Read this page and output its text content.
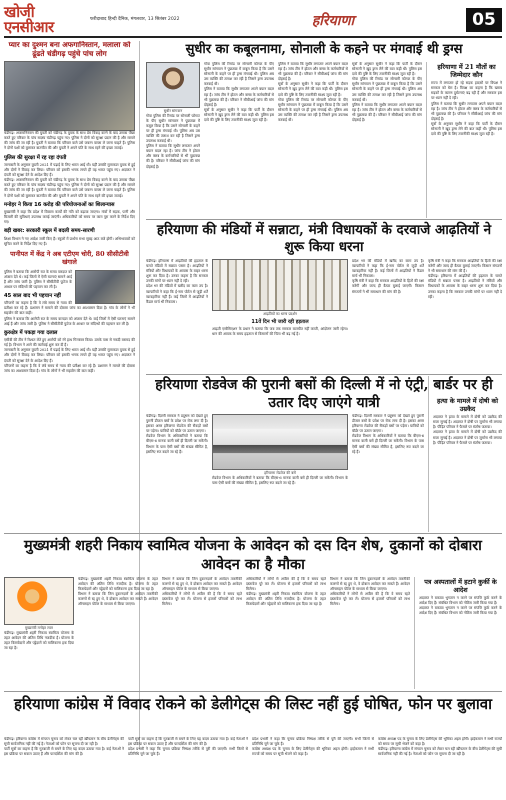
खोजी एनसीआर	फरीदाबाद हिन्दी दैनिक, मंगलवार, 13 सितंबर 2022	हरियाणा	05
प्यार का दुश्मन बना अफगानिस्तान, मलाला को ढूंढते चंडीगढ़ पहुंचे पांच लोग

चंडीगढ़। अफगानिस्तान की युवती को चंडीगढ़ के युवक के साथ प्रेम विवाह करने के बाद उसका पीछा करते हुए परिवार के पांच सदस्य चंडीगढ़ पहुंच गए। पुलिस ने दोनों को सुरक्षा प्रदान की है और मामले की जांच की जा रही है। युवती ने बताया कि परिवार वाले उसे जबरन वापस ले जाना चाहते हैं। पुलिस ने दोनों पक्षों को बुलाकर बातचीत की और युवती ने अपने पति के साथ रहने की इच्छा जताई।

पुलिस की सुरक्षा में रह रहा दंपती

जानकारी के अनुसार युवती 2021 में पढ़ाई के लिए भारत आई थी। यहीं उसकी मुलाकात युवक से हुई और दोनों ने विवाह कर लिया। परिवार को इसकी भनक लगते ही वह भारत पहुंच गए। अदालत ने दंपती को सुरक्षा देने के आदेश दिए हैं।

चंडीगढ़। अफगानिस्तान की युवती को चंडीगढ़ के युवक के साथ प्रेम विवाह करने के बाद उसका पीछा करते हुए परिवार के पांच सदस्य चंडीगढ़ पहुंच गए। पुलिस ने दोनों को सुरक्षा प्रदान की है और मामले की जांच की जा रही है। युवती ने बताया कि परिवार वाले उसे जबरन वापस ले जाना चाहते हैं। पुलिस ने दोनों पक्षों को बुलाकर बातचीत की और युवती ने अपने पति के साथ रहने की इच्छा जताई।

मनोहर ने किया 16 करोड़ की परियोजनाओं का शिलान्यास

मुख्यमंत्री ने कहा कि प्रदेश में विकास कार्यों की गति को बढ़ाया जाएगा। गांवों में सड़क, पानी और बिजली की सुविधाएं उपलब्ध कराई जाएंगी। अधिकारियों को समय पर काम पूरा करने के निर्देश दिए गए।

बड़ी खबर: सरकारी स्कूल में बदली समय-सारणी

शिक्षा विभाग ने नए आदेश जारी किए हैं। स्कूलों में प्रार्थना सभा सुबह आठ बजे होगी। अभिभावकों को सूचित करने के निर्देश दिए गए हैं।

पानीपत में केंद्र ने अब एटीएम चोरी, 80 सीसीटीवी खंगाले

पुलिस ने बताया कि आरोपी रात के समय वारदात को अंजाम देते थे। कई जिलों में ऐसी घटनाएं सामने आई हैं और जांच जारी है। पुलिस ने सीसीटीवी फुटेज के आधार पर संदिग्धों की पहचान कर ली है।

45 साल बाद भी पहचान नहीं

परिजनों का कहना है कि वे लंबे समय से न्याय की प्रतीक्षा कर रहे हैं। प्रशासन ने मामले की दोबारा जांच का आश्वासन दिया है। गांव के लोगों ने भी सहयोग की बात कही।

पुलिस ने बताया कि आरोपी रात के समय वारदात को अंजाम देते थे। कई जिलों में ऐसी घटनाएं सामने आई हैं और जांच जारी है। पुलिस ने सीसीटीवी फुटेज के आधार पर संदिग्धों की पहचान कर ली है।

कुरुक्षेत्र में पकड़ा गया दलाल

एसीबी की टीम ने रिश्वत लेते हुए आरोपी को रंगे हाथ गिरफ्तार किया। उसके पास से नकदी बरामद की गई है। विभाग ने आगे की कार्रवाई शुरू कर दी है।

जानकारी के अनुसार युवती 2021 में पढ़ाई के लिए भारत आई थी। यहीं उसकी मुलाकात युवक से हुई और दोनों ने विवाह कर लिया। परिवार को इसकी भनक लगते ही वह भारत पहुंच गए। अदालत ने दंपती को सुरक्षा देने के आदेश दिए हैं।

परिजनों का कहना है कि वे लंबे समय से न्याय की प्रतीक्षा कर रहे हैं। प्रशासन ने मामले की दोबारा जांच का आश्वासन दिया है। गांव के लोगों ने भी सहयोग की बात कही।

सुधीर का कबूलनामा, सोनाली के कहने पर मंगवाई थी ड्रग्स
सुधीर सांगवान

गोवा पुलिस की रिमांड पर सोनाली फोगाट के पीए सुधीर सांगवान ने पूछताछ में कबूल किया है कि उसने सोनाली के कहने पर ही ड्रग्स मंगवाई थी। पुलिस अब उस व्यक्ति की तलाश कर रही है जिसने ड्रग्स उपलब्ध करवाई थी।

पुलिस ने बताया कि सुधीर लगातार अपने बयान बदल रहा है। जांच टीम ने होटल और क्लब के कर्मचारियों से भी पूछताछ की है। परिवार ने सीबीआई जांच की मांग दोहराई है।

गोवा पुलिस की रिमांड पर सोनाली फोगाट के पीए सुधीर सांगवान ने पूछताछ में कबूल किया है कि उसने सोनाली के कहने पर ही ड्रग्स मंगवाई थी। पुलिस अब उस व्यक्ति की तलाश कर रही है जिसने ड्रग्स उपलब्ध करवाई थी।

पुलिस ने बताया कि सुधीर लगातार अपने बयान बदल रहा है। जांच टीम ने होटल और क्लब के कर्मचारियों से भी पूछताछ की है। परिवार ने सीबीआई जांच की मांग दोहराई है।

सूत्रों के अनुसार सुधीर ने कहा कि पार्टी के दौरान सोनाली ने खुद ड्रग्स लेने की बात कही थी। पुलिस इस दावे की पुष्टि के लिए तकनीकी साक्ष्य जुटा रही है।

पुलिस ने बताया कि सुधीर लगातार अपने बयान बदल रहा है। जांच टीम ने होटल और क्लब के कर्मचारियों से भी पूछताछ की है। परिवार ने सीबीआई जांच की मांग दोहराई है।

सूत्रों के अनुसार सुधीर ने कहा कि पार्टी के दौरान सोनाली ने खुद ड्रग्स लेने की बात कही थी। पुलिस इस दावे की पुष्टि के लिए तकनीकी साक्ष्य जुटा रही है।

गोवा पुलिस की रिमांड पर सोनाली फोगाट के पीए सुधीर सांगवान ने पूछताछ में कबूल किया है कि उसने सोनाली के कहने पर ही ड्रग्स मंगवाई थी। पुलिस अब उस व्यक्ति की तलाश कर रही है जिसने ड्रग्स उपलब्ध करवाई थी।

सूत्रों के अनुसार सुधीर ने कहा कि पार्टी के दौरान सोनाली ने खुद ड्रग्स लेने की बात कही थी। पुलिस इस दावे की पुष्टि के लिए तकनीकी साक्ष्य जुटा रही है।

गोवा पुलिस की रिमांड पर सोनाली फोगाट के पीए सुधीर सांगवान ने पूछताछ में कबूल किया है कि उसने सोनाली के कहने पर ही ड्रग्स मंगवाई थी। पुलिस अब उस व्यक्ति की तलाश कर रही है जिसने ड्रग्स उपलब्ध करवाई थी।

पुलिस ने बताया कि सुधीर लगातार अपने बयान बदल रहा है। जांच टीम ने होटल और क्लब के कर्मचारियों से भी पूछताछ की है। परिवार ने सीबीआई जांच की मांग दोहराई है।

हरियाणा में 21 मौतों का जिम्मेदार कौन

राज्य में लगातार हो रहे सड़क हादसों पर विपक्ष ने सरकार को घेरा है। विपक्ष का कहना है कि खराब सड़कों के कारण दुर्घटनाएं बढ़ रही हैं और सरकार इस पर ध्यान नहीं दे रही।

पुलिस ने बताया कि सुधीर लगातार अपने बयान बदल रहा है। जांच टीम ने होटल और क्लब के कर्मचारियों से भी पूछताछ की है। परिवार ने सीबीआई जांच की मांग दोहराई है।

सूत्रों के अनुसार सुधीर ने कहा कि पार्टी के दौरान सोनाली ने खुद ड्रग्स लेने की बात कही थी। पुलिस इस दावे की पुष्टि के लिए तकनीकी साक्ष्य जुटा रही है।

हरियाणा की मंडियों में सन्नाटा, मंत्री विधायकों के दरवाजे आढ़तियों ने शुरू किया धरना

चंडीगढ़। हरियाणा में आढ़तियों की हड़ताल के चलते मंडियों में सन्नाटा पसरा है। आढ़तियों ने मंत्रियों और विधायकों के आवास के बाहर धरना शुरू कर दिया है। उनका कहना है कि सरकार उनकी मांगों पर ध्यान नहीं दे रही।

प्रदेश भर की मंडियों में खरीद का काम ठप है। व्यापारियों ने कहा कि ई-नाम पोर्टल से जुड़ी शर्तें व्यावहारिक नहीं हैं। कई जिलों में आढ़तियों ने कैंडल मार्च भी निकाला।

आढ़तियों का धरना प्रदर्शन
11वें दिन भी जारी रही हड़ताल

आढ़ती एसोसिएशन के प्रधान ने बताया कि जब तक सरकार बातचीत नहीं करती, आंदोलन जारी रहेगा। धान की आवक के समय हड़ताल से किसानों की चिंता भी बढ़ गई है।

प्रदेश भर की मंडियों में खरीद का काम ठप है। व्यापारियों ने कहा कि ई-नाम पोर्टल से जुड़ी शर्तें व्यावहारिक नहीं हैं। कई जिलों में आढ़तियों ने कैंडल मार्च भी निकाला।

कृषि मंत्री ने कहा कि सरकार आढ़तियों के हितों की रक्षा करेगी और जल्द ही बैठक बुलाई जाएगी। किसान संगठनों ने भी समाधान की मांग की है।

कृषि मंत्री ने कहा कि सरकार आढ़तियों के हितों की रक्षा करेगी और जल्द ही बैठक बुलाई जाएगी। किसान संगठनों ने भी समाधान की मांग की है।

चंडीगढ़। हरियाणा में आढ़तियों की हड़ताल के चलते मंडियों में सन्नाटा पसरा है। आढ़तियों ने मंत्रियों और विधायकों के आवास के बाहर धरना शुरू कर दिया है। उनका कहना है कि सरकार उनकी मांगों पर ध्यान नहीं दे रही।

हरियाणा रोडवेज की पुरानी बसों की दिल्ली में नो एंट्री, बार्डर पर ही उतार दिए जाएंगे यात्री

चंडीगढ़। दिल्ली सरकार ने प्रदूषण को देखते हुए पुरानी डीजल बसों के प्रवेश पर रोक लगा दी है। इसका असर हरियाणा रोडवेज की सैकड़ों बसों पर पड़ेगा। यात्रियों को बॉर्डर पर उतारा जाएगा।

रोडवेज विभाग के अधिकारियों ने बताया कि बीएस-6 मानक वाली बसें ही दिल्ली जा सकेंगी। विभाग के पास ऐसी बसों की संख्या सीमित है, इसलिए रूट बदले जा रहे हैं।

हरियाणा रोडवेज की बसें

रोडवेज विभाग के अधिकारियों ने बताया कि बीएस-6 मानक वाली बसें ही दिल्ली जा सकेंगी। विभाग के पास ऐसी बसों की संख्या सीमित है, इसलिए रूट बदले जा रहे हैं।

चंडीगढ़। दिल्ली सरकार ने प्रदूषण को देखते हुए पुरानी डीजल बसों के प्रवेश पर रोक लगा दी है। इसका असर हरियाणा रोडवेज की सैकड़ों बसों पर पड़ेगा। यात्रियों को बॉर्डर पर उतारा जाएगा।

रोडवेज विभाग के अधिकारियों ने बताया कि बीएस-6 मानक वाली बसें ही दिल्ली जा सकेंगी। विभाग के पास ऐसी बसों की संख्या सीमित है, इसलिए रूट बदले जा रहे हैं।

हत्या के मामले में दोषी को उम्रकैद

अदालत ने हत्या के मामले में दोषी को उम्रकैद की सजा सुनाई है। अदालत ने दोषी पर जुर्माना भी लगाया है। पीड़ित परिवार ने फैसले पर संतोष जताया।

अदालत ने हत्या के मामले में दोषी को उम्रकैद की सजा सुनाई है। अदालत ने दोषी पर जुर्माना भी लगाया है। पीड़ित परिवार ने फैसले पर संतोष जताया।

मुख्यमंत्री शहरी निकाय स्वामित्व योजना के आवेदन को दस दिन शेष, दुकानों को दोबारा आवेदन का है मौका
मुख्यमंत्री मनोहर लाल

चंडीगढ़। मुख्यमंत्री शहरी निकाय स्वामित्व योजना के तहत आवेदन की अंतिम तिथि नजदीक है। योजना के तहत किरायेदारों और पट्टेदारों को मालिकाना हक दिया जा रहा है।

चंडीगढ़। मुख्यमंत्री शहरी निकाय स्वामित्व योजना के तहत आवेदन की अंतिम तिथि नजदीक है। योजना के तहत किरायेदारों और पट्टेदारों को मालिकाना हक दिया जा रहा है।

विभाग ने बताया कि जिन दुकानदारों के आवेदन तकनीकी कारणों से रद्द हुए थे, वे दोबारा आवेदन कर सकते हैं। आवेदन ऑनलाइन पोर्टल के माध्यम से किया जाएगा।

विभाग ने बताया कि जिन दुकानदारों के आवेदन तकनीकी कारणों से रद्द हुए थे, वे दोबारा आवेदन कर सकते हैं। आवेदन ऑनलाइन पोर्टल के माध्यम से किया जाएगा।

अधिकारियों ने लोगों से अपील की है कि वे समय रहते दस्तावेज पूरे कर लें। योजना से हजारों परिवारों को लाभ मिलेगा।

अधिकारियों ने लोगों से अपील की है कि वे समय रहते दस्तावेज पूरे कर लें। योजना से हजारों परिवारों को लाभ मिलेगा।

चंडीगढ़। मुख्यमंत्री शहरी निकाय स्वामित्व योजना के तहत आवेदन की अंतिम तिथि नजदीक है। योजना के तहत किरायेदारों और पट्टेदारों को मालिकाना हक दिया जा रहा है।

विभाग ने बताया कि जिन दुकानदारों के आवेदन तकनीकी कारणों से रद्द हुए थे, वे दोबारा आवेदन कर सकते हैं। आवेदन ऑनलाइन पोर्टल के माध्यम से किया जाएगा।

अधिकारियों ने लोगों से अपील की है कि वे समय रहते दस्तावेज पूरे कर लें। योजना से हजारों परिवारों को लाभ मिलेगा।

पत्र अस्पतालों में हटाने कुर्की के आदेश

अदालत ने बकाया भुगतान न करने पर संपत्ति कुर्क करने के आदेश दिए हैं। संबंधित विभाग को नोटिस जारी किया गया है।

अदालत ने बकाया भुगतान न करने पर संपत्ति कुर्क करने के आदेश दिए हैं। संबंधित विभाग को नोटिस जारी किया गया है।

हरियाणा कांग्रेस में विवाद रोकने को डेलीगेट्स की लिस्ट नहीं हुई घोषित, फोन पर बुलावा

चंडीगढ़। हरियाणा कांग्रेस में संगठन चुनाव को लेकर चल रही खींचतान के बीच डेलीगेट्स की सूची सार्वजनिक नहीं की गई है। नेताओं को फोन पर सूचना दी जा रही है।

पार्टी सूत्रों का कहना है कि गुटबाजी से बचने के लिए यह कदम उठाया गया है। कई नेताओं ने इस प्रक्रिया पर सवाल उठाए हैं और पारदर्शिता की मांग की है।

पार्टी सूत्रों का कहना है कि गुटबाजी से बचने के लिए यह कदम उठाया गया है। कई नेताओं ने इस प्रक्रिया पर सवाल उठाए हैं और पारदर्शिता की मांग की है।

प्रदेश प्रभारी ने कहा कि चुनाव प्रक्रिया निष्पक्ष तरीके से पूरी की जाएगी। सभी जिलों से प्रतिनिधि चुने जा चुके हैं।

प्रदेश प्रभारी ने कहा कि चुनाव प्रक्रिया निष्पक्ष तरीके से पूरी की जाएगी। सभी जिलों से प्रतिनिधि चुने जा चुके हैं।

कांग्रेस अध्यक्ष पद के चुनाव के लिए डेलीगेट्स की भूमिका अहम होगी। हाईकमान ने सभी राज्यों को समय पर सूची भेजने को कहा है।

कांग्रेस अध्यक्ष पद के चुनाव के लिए डेलीगेट्स की भूमिका अहम होगी। हाईकमान ने सभी राज्यों को समय पर सूची भेजने को कहा है।

चंडीगढ़। हरियाणा कांग्रेस में संगठन चुनाव को लेकर चल रही खींचतान के बीच डेलीगेट्स की सूची सार्वजनिक नहीं की गई है। नेताओं को फोन पर सूचना दी जा रही है।
